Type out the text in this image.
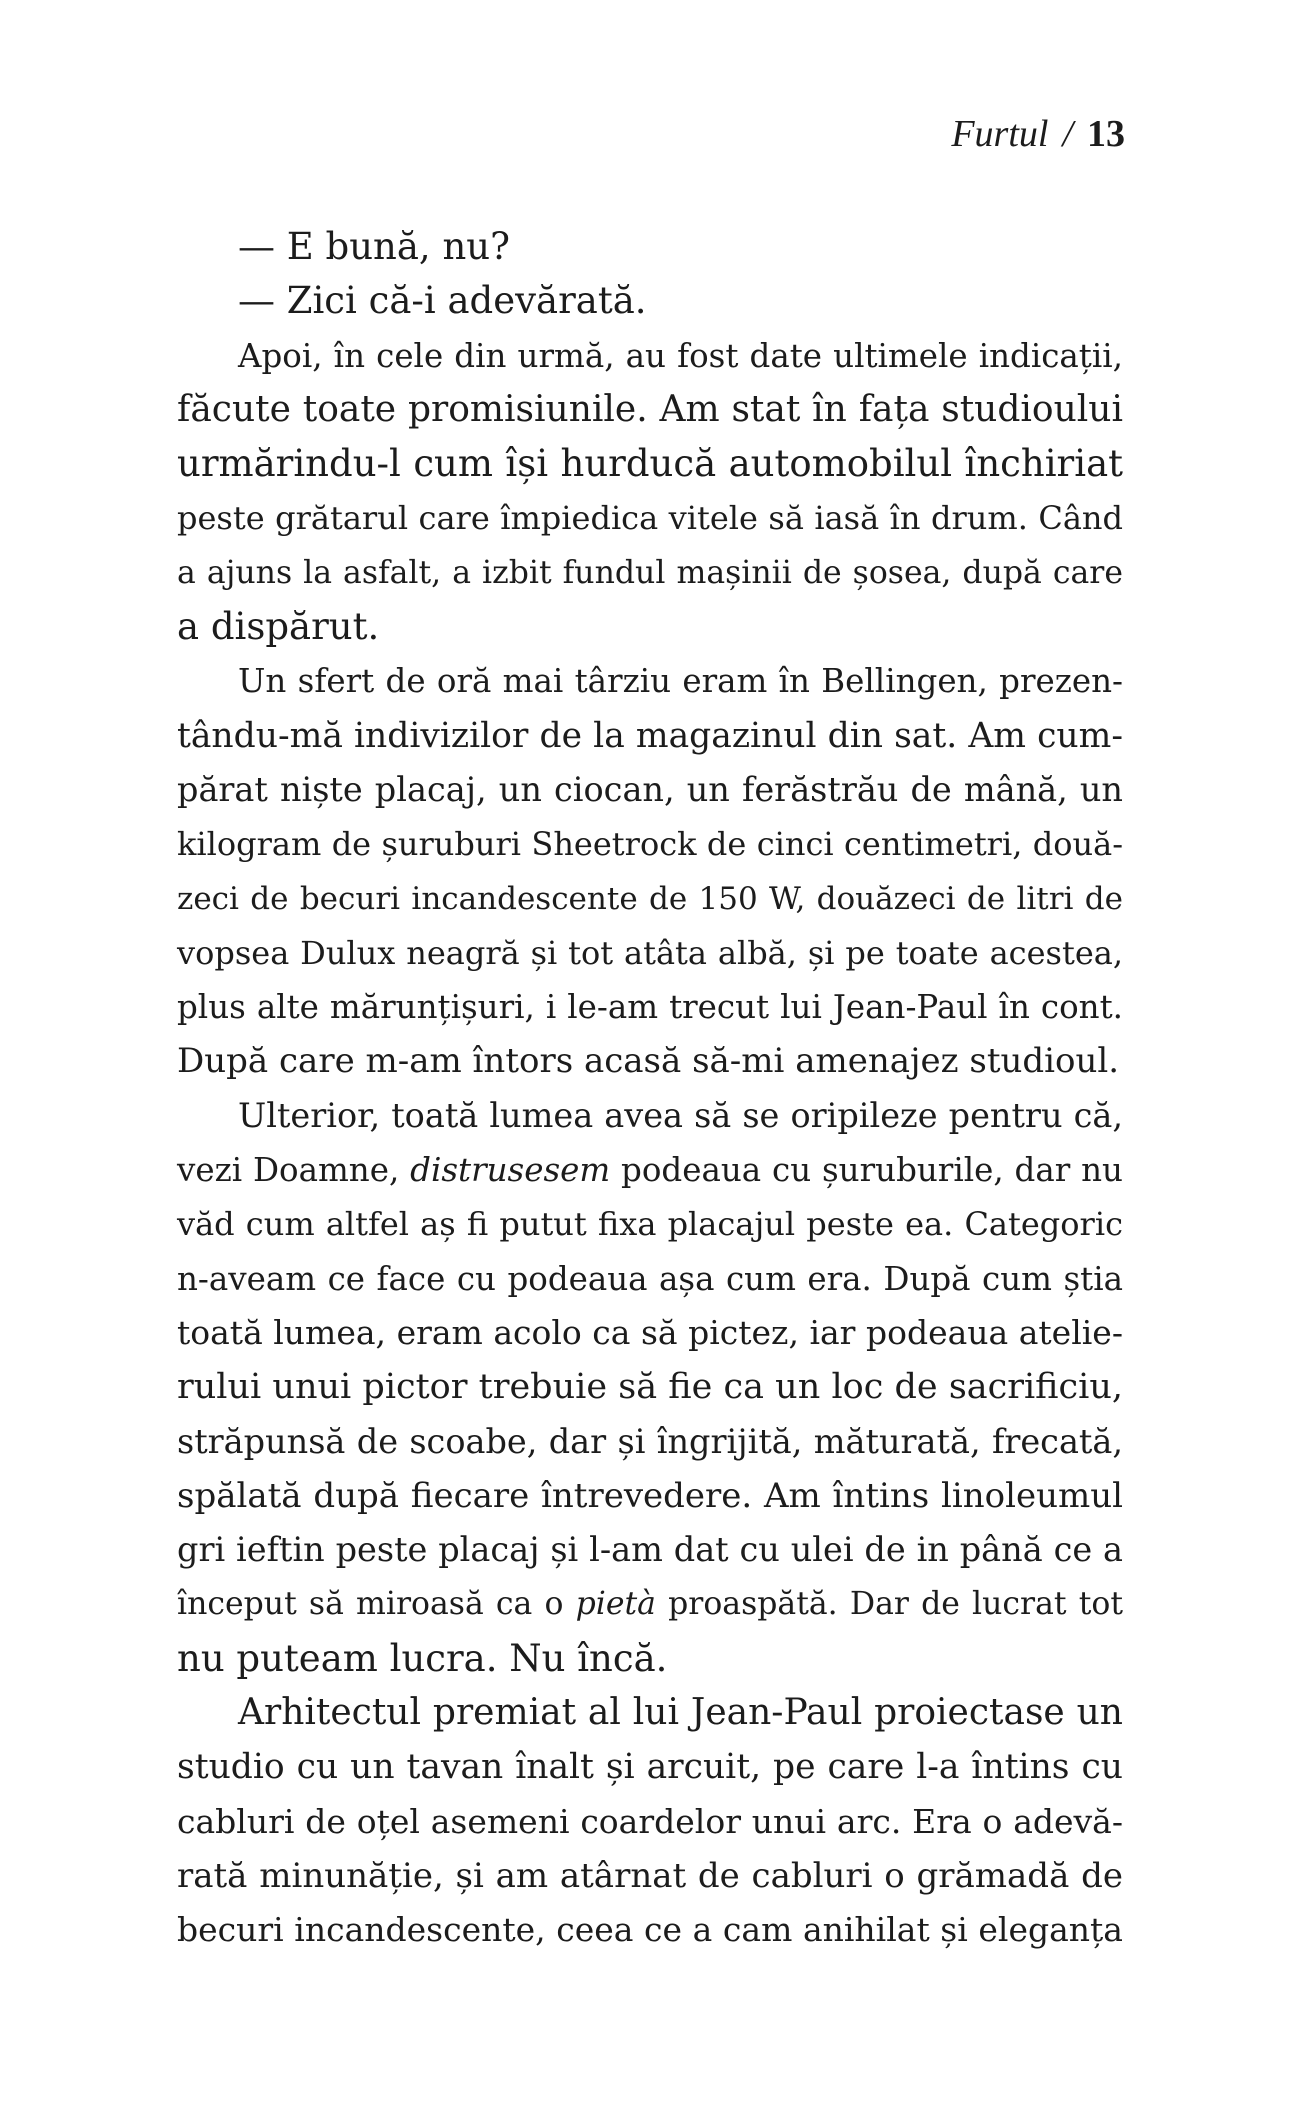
Furtul / 13
— E bună, nu?
— Zici că-i adevărată.
Apoi, în cele din urmă, au fost date ultimele indicații,
făcute toate promisiunile. Am stat în fața studioului
urmărindu-l cum își hurducă automobilul închiriat
peste grătarul care împiedica vitele să iasă în drum. Când
a ajuns la asfalt, a izbit fundul mașinii de șosea, după care
a dispărut.
Un sfert de oră mai târziu eram în Bellingen, prezen-
tându-mă indivizilor de la magazinul din sat. Am cum-
părat niște placaj, un ciocan, un ferăstrău de mână, un
kilogram de șuruburi Sheetrock de cinci centimetri, două-
zeci de becuri incandescente de 150 W, douăzeci de litri de
vopsea Dulux neagră și tot atâta albă, și pe toate acestea,
plus alte mărunțișuri, i le-am trecut lui Jean-Paul în cont.
După care m-am întors acasă să-mi amenajez studioul.
Ulterior, toată lumea avea să se oripileze pentru că,
vezi Doamne, distrusesem podeaua cu șuruburile, dar nu
văd cum altfel aș fi putut fixa placajul peste ea. Categoric
n-aveam ce face cu podeaua așa cum era. După cum știa
toată lumea, eram acolo ca să pictez, iar podeaua atelie-
rului unui pictor trebuie să fie ca un loc de sacrificiu,
străpunsă de scoabe, dar și îngrijită, măturată, frecată,
spălată după fiecare întrevedere. Am întins linoleumul
gri ieftin peste placaj și l-am dat cu ulei de in până ce a
început să miroasă ca o pietà proaspătă. Dar de lucrat tot
nu puteam lucra. Nu încă.
Arhitectul premiat al lui Jean-Paul proiectase un
studio cu un tavan înalt și arcuit, pe care l-a întins cu
cabluri de oțel asemeni coardelor unui arc. Era o adevă-
rată minunăție, și am atârnat de cabluri o grămadă de
becuri incandescente, ceea ce a cam anihilat și eleganța
